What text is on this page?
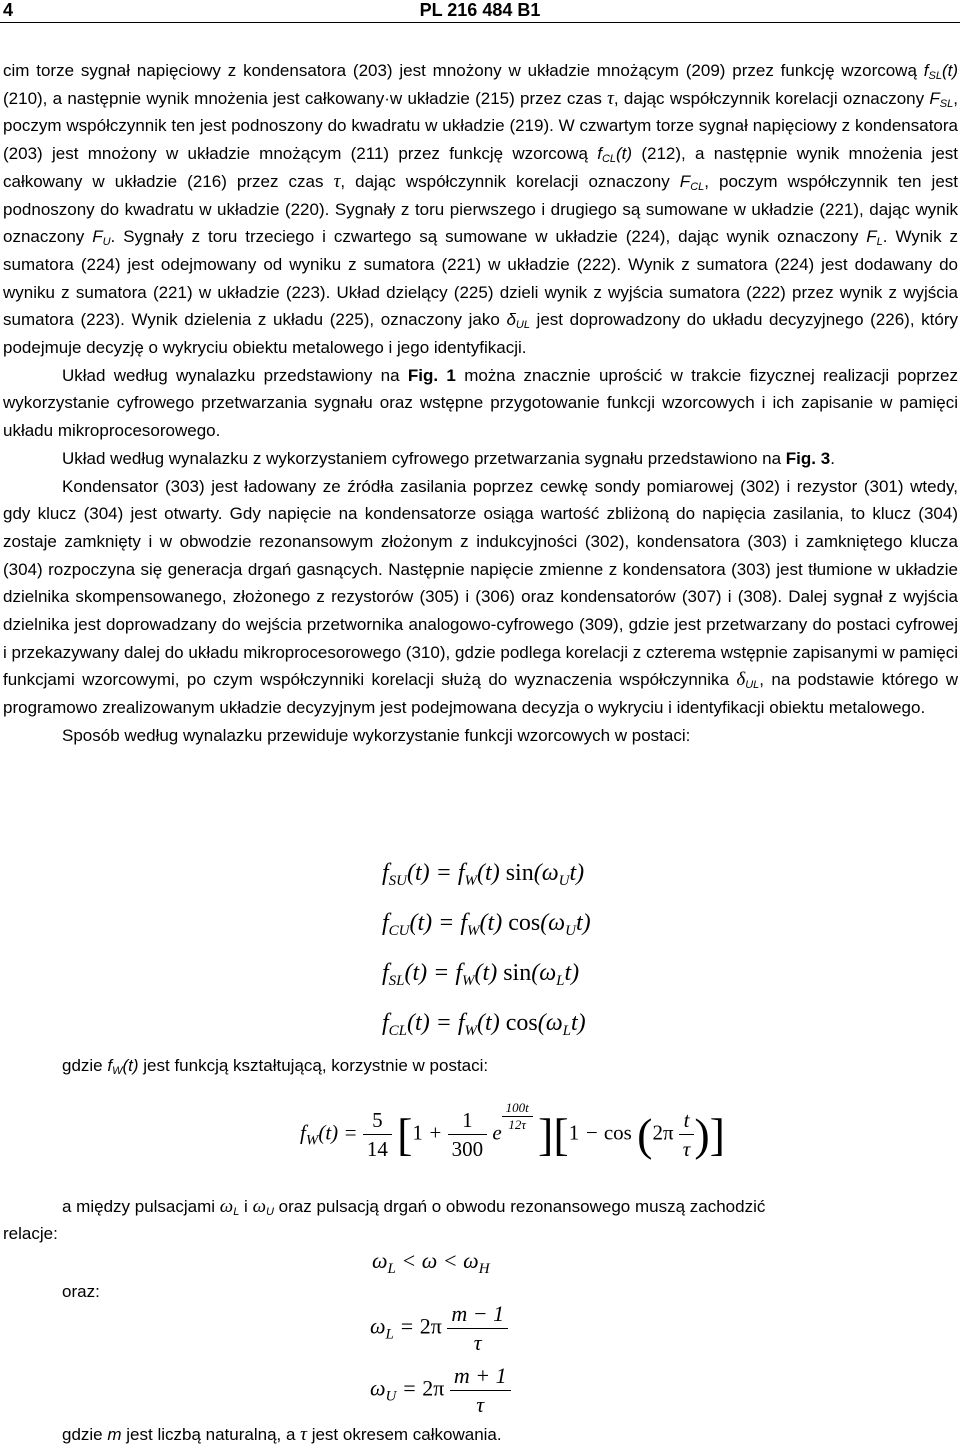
4	PL 216 484 B1

cim torze sygnał napięciowy z kondensatora (203) jest mnożony w układzie mnożącym (209) przez funkcję wzorcową $f_{SL}(t)$ (210), a następnie wynik mnożenia jest całkowany·w układzie (215) przez czas τ, dając współczynnik korelacji oznaczony $F_{SL}$, poczym współczynnik ten jest podnoszony do kwadratu w układzie (219). W czwartym torze sygnał napięciowy z kondensatora (203) jest mnożony w układzie mnożącym (211) przez funkcję wzorcową $f_{CL}(t)$ (212), a następnie wynik mnożenia jest całkowany w układzie (216) przez czas τ, dając współczynnik korelacji oznaczony $F_{CL}$, poczym współczynnik ten jest podnoszony do kwadratu w układzie (220). Sygnały z toru pierwszego i drugiego są sumowane w układzie (221), dając wynik oznaczony $F_U$. Sygnały z toru trzeciego i czwartego są sumowane w układzie (224), dając wynik oznaczony $F_L$. Wynik z sumatora (224) jest odejmowany od wyniku z sumatora (221) w układzie (222). Wynik z sumatora (224) jest dodawany do wyniku z sumatora (221) w układzie (223). Układ dzielący (225) dzieli wynik z wyjścia sumatora (222) przez wynik z wyjścia sumatora (223). Wynik dzielenia z układu (225), oznaczony jako $\delta_{UL}$ jest doprowadzony do układu decyzyjnego (226), który podejmuje decyzję o wykryciu obiektu metalowego i jego identyfikacji.

Układ według wynalazku przedstawiony na Fig. 1 można znacznie uprościć w trakcie fizycznej realizacji poprzez wykorzystanie cyfrowego przetwarzania sygnału oraz wstępne przygotowanie funkcji wzorcowych i ich zapisanie w pamięci układu mikroprocesorowego.

Układ według wynalazku z wykorzystaniem cyfrowego przetwarzania sygnału przedstawiono na Fig. 3.

Kondensator (303) jest ładowany ze źródła zasilania poprzez cewkę sondy pomiarowej (302) i rezystor (301) wtedy, gdy klucz (304) jest otwarty. Gdy napięcie na kondensatorze osiąga wartość zbliżoną do napięcia zasilania, to klucz (304) zostaje zamknięty i w obwodzie rezonansowym złożonym z indukcyjności (302), kondensatora (303) i zamkniętego klucza (304) rozpoczyna się generacja drgań gasnących. Następnie napięcie zmienne z kondensatora (303) jest tłumione w układzie dzielnika skompensowanego, złożonego z rezystorów (305) i (306) oraz kondensatorów (307) i (308). Dalej sygnał z wyjścia dzielnika jest doprowadzany do wejścia przetwornika analogowo-cyfrowego (309), gdzie jest przetwarzany do postaci cyfrowej i przekazywany dalej do układu mikroprocesorowego (310), gdzie podlega korelacji z czterema wstępnie zapisanymi w pamięci funkcjami wzorcowymi, po czym współczynniki korelacji służą do wyznaczenia współczynnika $\delta_{UL}$, na podstawie którego w programowo zrealizowanym układzie decyzyjnym jest podejmowana decyzja o wykryciu i identyfikacji obiektu metalowego.

Sposób według wynalazku przewiduje wykorzystanie funkcji wzorcowych w postaci:

$f_{SU}(t) = f_W(t)$ $\sin(\omega_Ut)$
$f_{CU}(t) = f_W(t)$ $\cos(\omega_Ut)$
$f_{SL}(t) = f_W(t)$ $\sin(\omega_Lt)$
$f_{CL}(t) = f_W(t)$ $\cos(\omega_Lt)$
gdzie $f_W(t)$ jest funkcją kształtującą, korzystnie w postaci:
$f_W(t) = \frac{5}{14} [1 + \frac{1}{300}$ e $\frac{100t}{12\tau} ][1 - \cos (2\pi \frac{t}{\tau}$ )]
a między pulsacjami $\omega_L$ i $\omega_U$ oraz pulsacją drgań o obwodu rezonansowego muszą zachodzić
relacje:
$\omega_L < \omega < \omega_H$
oraz:
$\omega_L = 2\pi \frac{m - 1}{\tau}$
$\omega_U = 2\pi \frac{m + 1}{\tau}$
gdzie m jest liczbą naturalną, a τ jest okresem całkowania.
